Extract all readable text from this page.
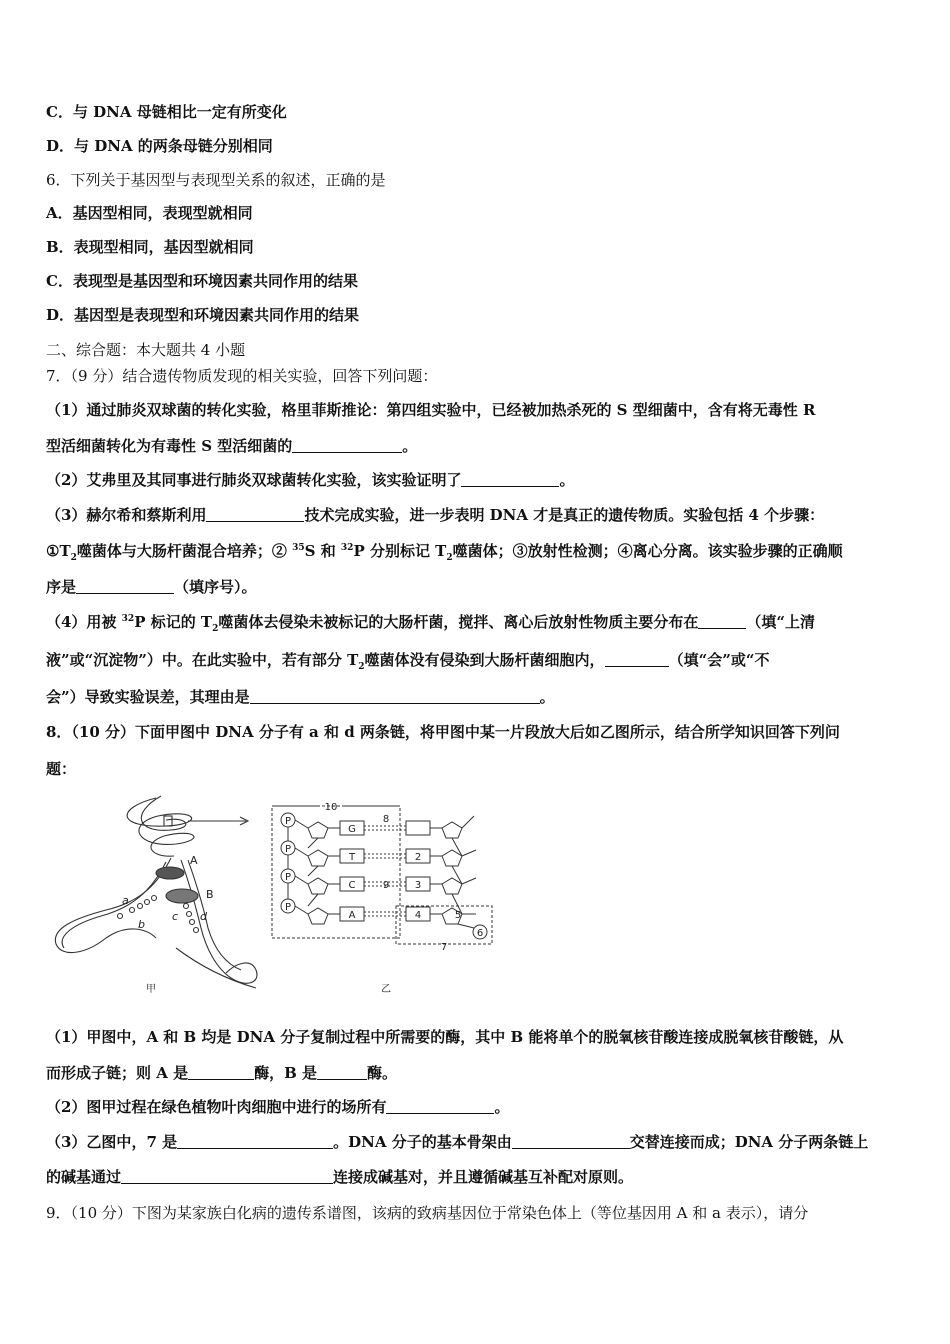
C．与 DNA 母链相比一定有所变化
D．与 DNA 的两条母链分别相同
6．下列关于基因型与表现型关系的叙述，正确的是
A．基因型相同，表现型就相同
B．表现型相同，基因型就相同
C．表现型是基因型和环境因素共同作用的结果
D．基因型是表现型和环境因素共同作用的结果
二、综合题：本大题共 4 小题
7．（9 分）结合遗传物质发现的相关实验，回答下列问题：
（1）通过肺炎双球菌的转化实验，格里菲斯推论：第四组实验中，已经被加热杀死的 S 型细菌中，含有将无毒性 R
型活细菌转化为有毒性 S 型活细菌的	。
（2）艾弗里及其同事进行肺炎双球菌转化实验，该实验证明了	。
（3）赫尔希和蔡斯利用	技术完成实验，进一步表明 DNA 才是真正的遗传物质。实验包括 4 个步骤：
$①T_2$噬菌体与大肠杆菌混合培养；② $^{35}$S 和 $^{32}$P 分别标记 $T_2$噬菌体；③放射性检测；④离心分离。该实验步骤的正确顺
序是	（填序号）。
（4）用被 $^{32}$P 标记的 $T_2$噬菌体去侵染未被标记的大肠杆菌，搅拌、离心后放射性物质主要分布在	（填“上清
液”或“沉淀物”）中。在此实验中，若有部分 $T_2$噬菌体没有侵染到大肠杆菌细胞内，	（填“会”或“不
会”）导致实验误差，其理由是	。
8．（10 分）下面甲图中 DNA 分子有 a 和 d 两条链，将甲图中某一片段放大后如乙图所示，结合所学知识回答下列问
题：
A
B
a
b
c d
甲
P
P
P
P
G
T
C
A
2
3
4
10
8
9
5
6
7
乙
（1）甲图中，A 和 B 均是 DNA 分子复制过程中所需要的酶，其中 B 能将单个的脱氧核苷酸连接成脱氧核苷酸链，从
而形成子链；则 A 是	酶，B 是	酶。
（2）图甲过程在绿色植物叶肉细胞中进行的场所有	。
（3）乙图中，7 是	。DNA 分子的基本骨架由	交替连接而成；DNA 分子两条链上
的碱基通过	连接成碱基对，并且遵循碱基互补配对原则。
9．（10 分）下图为某家族白化病的遗传系谱图，该病的致病基因位于常染色体上（等位基因用 A 和 a 表示），请分
